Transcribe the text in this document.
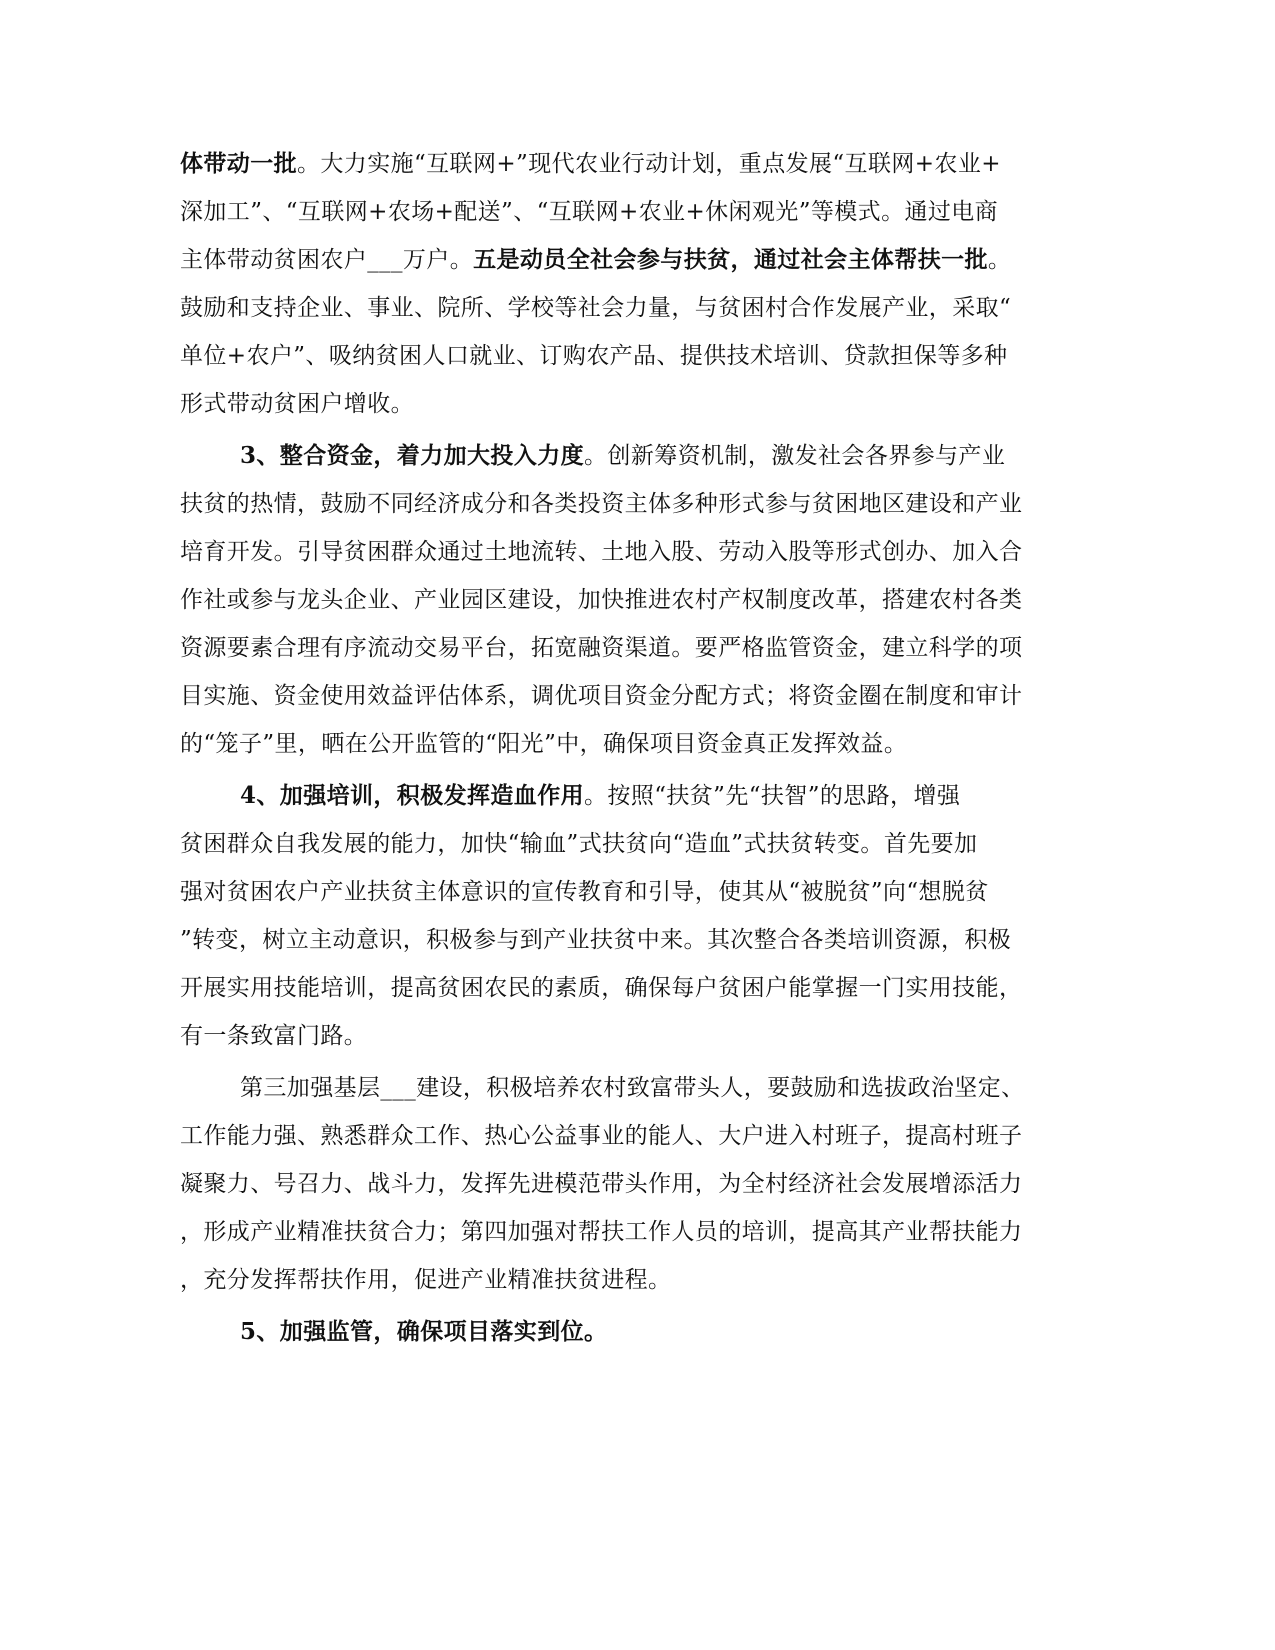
体带动一批。大力实施“互联网+”现代农业行动计划，重点发展“互联网+农业+
深加工”、“互联网+农场+配送”、“互联网+农业+休闲观光”等模式。通过电商
主体带动贫困农户___万户。五是动员全社会参与扶贫，通过社会主体帮扶一批。
鼓励和支持企业、事业、院所、学校等社会力量，与贫困村合作发展产业，采取“
单位+农户”、吸纳贫困人口就业、订购农产品、提供技术培训、贷款担保等多种
形式带动贫困户增收。
3、整合资金，着力加大投入力度。创新筹资机制，激发社会各界参与产业
扶贫的热情，鼓励不同经济成分和各类投资主体多种形式参与贫困地区建设和产业
培育开发。引导贫困群众通过土地流转、土地入股、劳动入股等形式创办、加入合
作社或参与龙头企业、产业园区建设，加快推进农村产权制度改革，搭建农村各类
资源要素合理有序流动交易平台，拓宽融资渠道。要严格监管资金，建立科学的项
目实施、资金使用效益评估体系，调优项目资金分配方式；将资金圈在制度和审计
的“笼子”里，晒在公开监管的“阳光”中，确保项目资金真正发挥效益。
4、加强培训，积极发挥造血作用。按照“扶贫”先“扶智”的思路，增强
贫困群众自我发展的能力，加快“输血”式扶贫向“造血”式扶贫转变。首先要加
强对贫困农户产业扶贫主体意识的宣传教育和引导，使其从“被脱贫”向“想脱贫
”转变，树立主动意识，积极参与到产业扶贫中来。其次整合各类培训资源，积极
开展实用技能培训，提高贫困农民的素质，确保每户贫困户能掌握一门实用技能，
有一条致富门路。
第三加强基层___建设，积极培养农村致富带头人，要鼓励和选拔政治坚定、
工作能力强、熟悉群众工作、热心公益事业的能人、大户进入村班子，提高村班子
凝聚力、号召力、战斗力，发挥先进模范带头作用，为全村经济社会发展增添活力
，形成产业精准扶贫合力；第四加强对帮扶工作人员的培训，提高其产业帮扶能力
，充分发挥帮扶作用，促进产业精准扶贫进程。
5、加强监管，确保项目落实到位。
